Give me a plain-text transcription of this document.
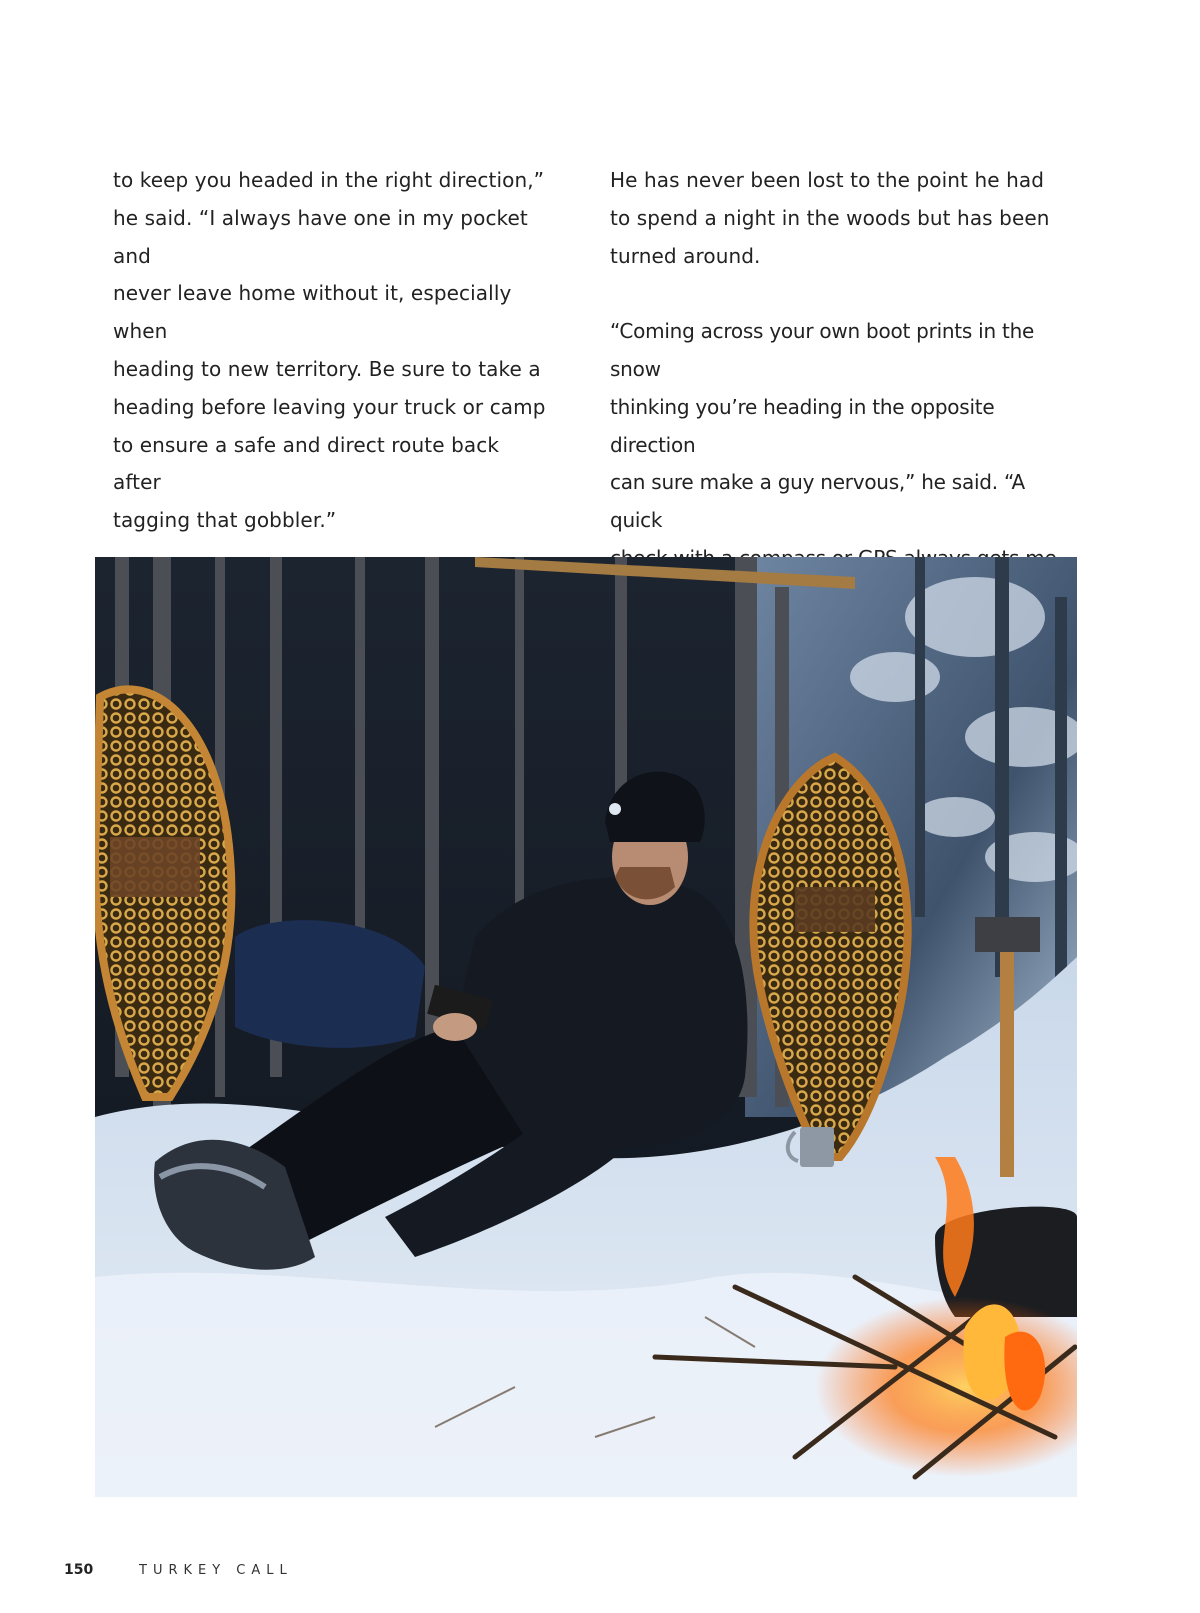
to keep you headed in the right direction,”

he said. “I always have one in my pocket and

never leave home without it, especially when

heading to new territory. Be sure to take a

heading before leaving your truck or camp

to ensure a safe and direct route back after

tagging that gobbler.”

He has never been lost to the point he had

to spend a night in the woods but has been

turned around.

“Coming across your own boot prints in the snow

thinking you’re heading in the opposite direction

can sure make a guy nervous,” he said. “A quick

150	TURKEY CALL
